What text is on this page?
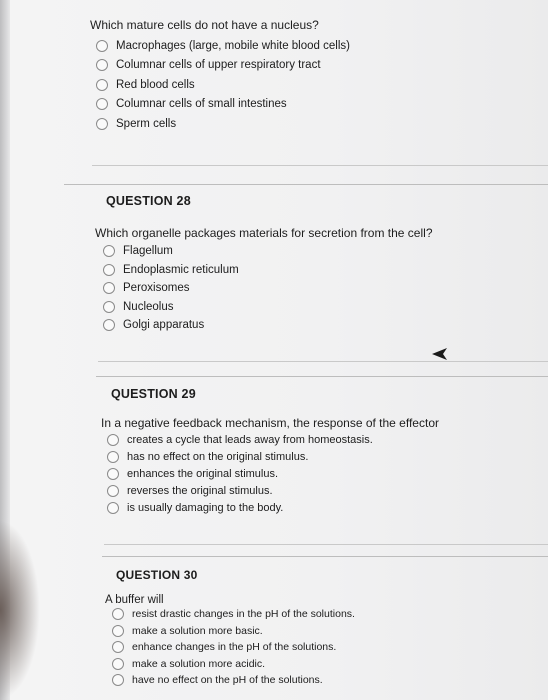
Which mature cells do not have a nucleus?
Macrophages (large, mobile white blood cells)
Columnar cells of upper respiratory tract
Red blood cells
Columnar cells of small intestines
Sperm cells
QUESTION 28
Which organelle packages materials for secretion from the cell?
Flagellum
Endoplasmic reticulum
Peroxisomes
Nucleolus
Golgi apparatus
QUESTION 29
In a negative feedback mechanism, the response of the effector
creates a cycle that leads away from homeostasis.
has no effect on the original stimulus.
enhances the original stimulus.
reverses the original stimulus.
is usually damaging to the body.
QUESTION 30
A buffer will
resist drastic changes in the pH of the solutions.
make a solution more basic.
enhance changes in the pH of the solutions.
make a solution more acidic.
have no effect on the pH of the solutions.
